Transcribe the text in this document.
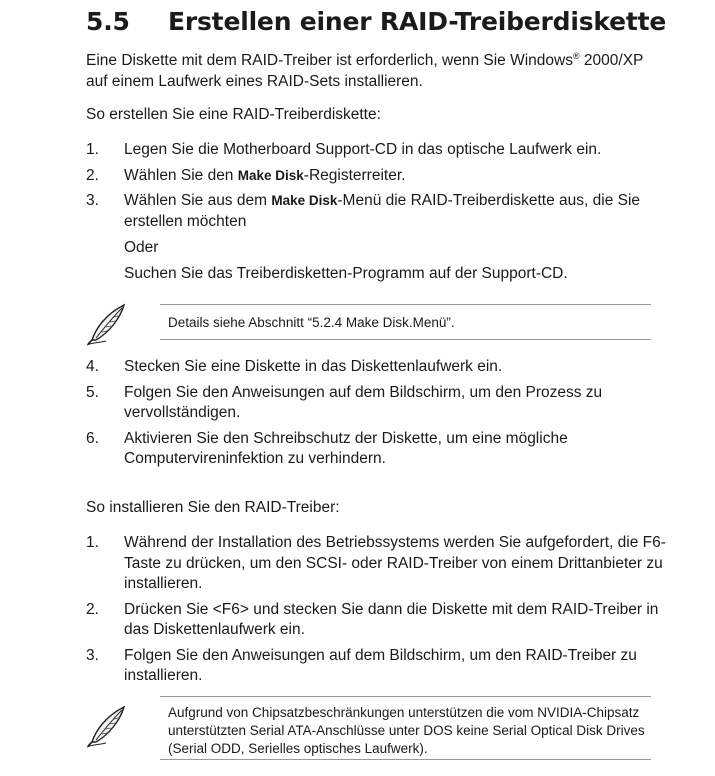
5.5 Erstellen einer RAID-Treiberdiskette
Eine Diskette mit dem RAID-Treiber ist erforderlich, wenn Sie Windows® 2000/XP auf einem Laufwerk eines RAID-Sets installieren.
So erstellen Sie eine RAID-Treiberdiskette:
1. Legen Sie die Motherboard Support-CD in das optische Laufwerk ein.
2. Wählen Sie den Make Disk-Registerreiter.
3. Wählen Sie aus dem Make Disk-Menü die RAID-Treiberdiskette aus, die Sie erstellen möchten
Oder
Suchen Sie das Treiberdisketten-Programm auf der Support-CD.
Details siehe Abschnitt “5.2.4 Make Disk.Menü”.
4. Stecken Sie eine Diskette in das Diskettenlaufwerk ein.
5. Folgen Sie den Anweisungen auf dem Bildschirm, um den Prozess zu vervollständigen.
6. Aktivieren Sie den Schreibschutz der Diskette, um eine mögliche Computervireninfektion zu verhindern.
So installieren Sie den RAID-Treiber:
1. Während der Installation des Betriebssystems werden Sie aufgefordert, die F6-Taste zu drücken, um den SCSI- oder RAID-Treiber von einem Drittanbieter zu installieren.
2. Drücken Sie <F6> und stecken Sie dann die Diskette mit dem RAID-Treiber in das Diskettenlaufwerk ein.
3. Folgen Sie den Anweisungen auf dem Bildschirm, um den RAID-Treiber zu installieren.
Aufgrund von Chipsatzbeschränkungen unterstützen die vom NVIDIA-Chipsatz unterstützten Serial ATA-Anschlüsse unter DOS keine Serial Optical Disk Drives (Serial ODD, Serielles optisches Laufwerk).
